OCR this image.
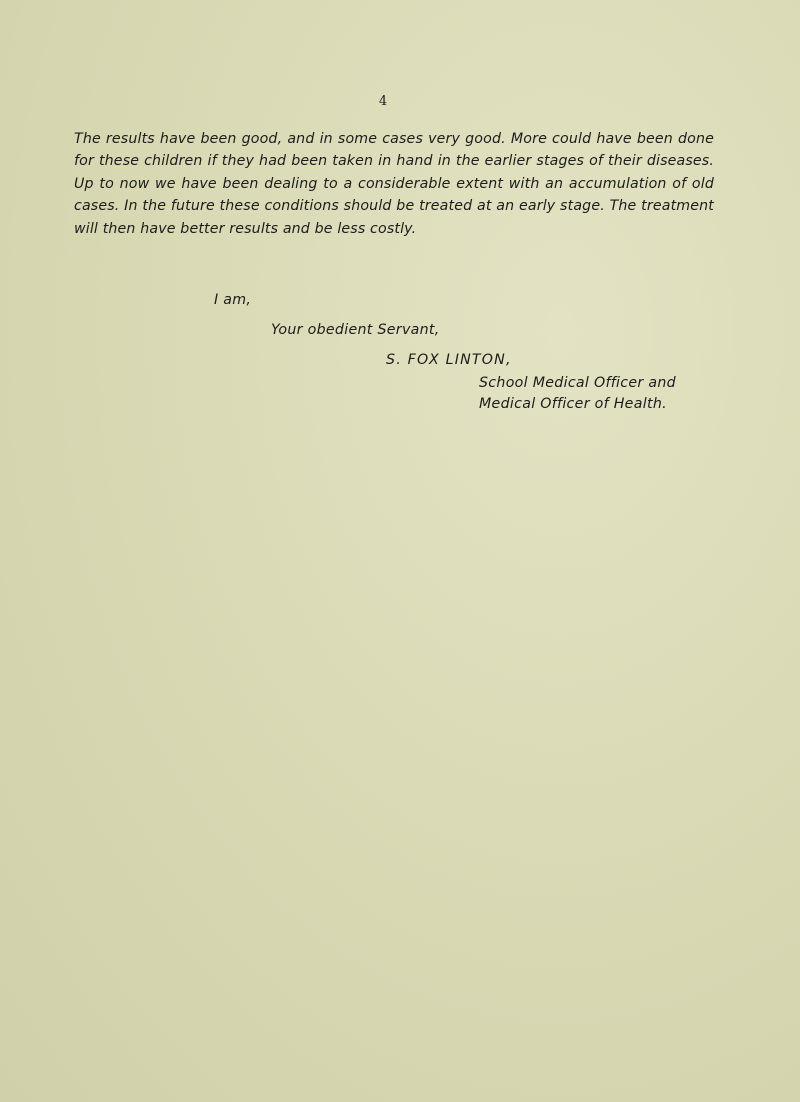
4

The results have been good, and in some cases very good. More could have been done for these children if they had been taken in hand in the earlier stages of their diseases. Up to now we have been dealing to a considerable extent with an accumulation of old cases. In the future these conditions should be treated at an early stage. The treatment will then have better results and be less costly.

I am,
Your obedient Servant,
S. FOX LINTON,
School Medical Officer and
Medical Officer of Health.
